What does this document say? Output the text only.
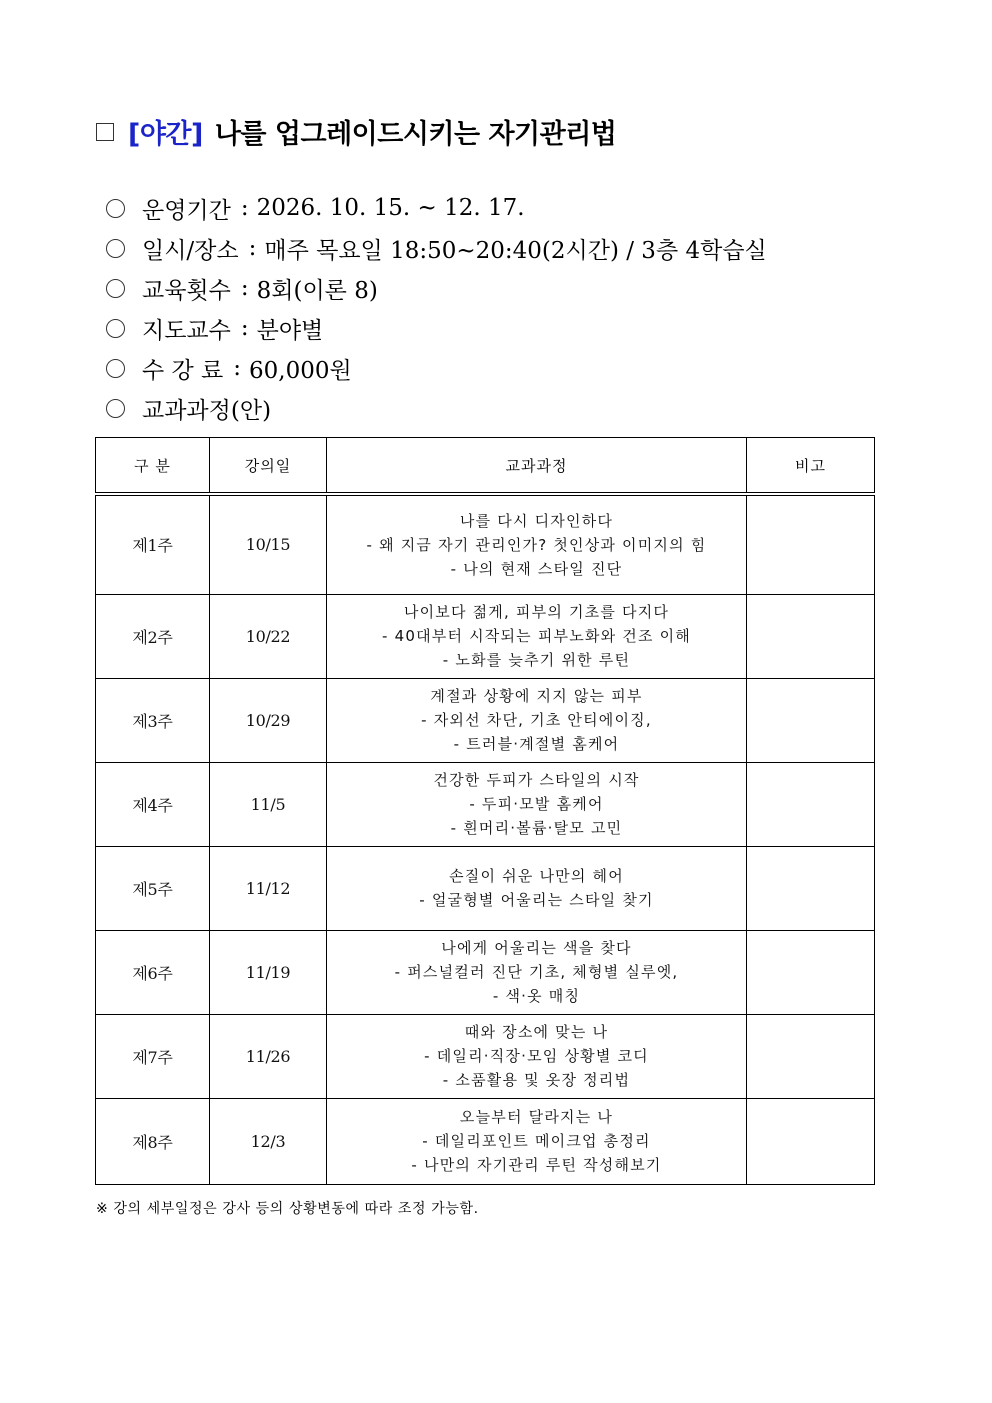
[야간] 나를 업그레이드시키는 자기관리법
운영기간 : 2026. 10. 15. ~ 12. 17.
일시/장소 : 매주 목요일 18:50~20:40(2시간) / 3층 4학습실
교육횟수 : 8회(이론 8)
지도교수 : 분야별
수 강 료 : 60,000원
교과과정(안)
구 분	강의일	교과과정	비고
제1주	10/15	나를 다시 디자인하다
- 왜 지금 자기 관리인가? 첫인상과 이미지의 힘
- 나의 현재 스타일 진단	

제2주	10/22	나이보다 젊게, 피부의 기초를 다지다
- 40대부터 시작되는 피부노화와 건조 이해
- 노화를 늦추기 위한 루틴	

제3주	10/29	계절과 상황에 지지 않는 피부
- 자외선 차단, 기초 안티에이징,
- 트러블·계절별 홈케어	

제4주	11/5	건강한 두피가 스타일의 시작
- 두피·모발 홈케어
- 흰머리·볼륨·탈모 고민	

제5주	11/12	손질이 쉬운 나만의 헤어
- 얼굴형별 어울리는 스타일 찾기	

제6주	11/19	나에게 어울리는 색을 찾다
- 퍼스널컬러 진단 기초, 체형별 실루엣,
- 색·옷 매칭	

제7주	11/26	때와 장소에 맞는 나
- 데일리·직장·모임 상황별 코디
- 소품활용 및 옷장 정리법	

제8주	12/3	오늘부터 달라지는 나
- 데일리포인트 메이크업 총정리
- 나만의 자기관리 루틴 작성해보기	

※ 강의 세부일정은 강사 등의 상황변동에 따라 조정 가능함.
